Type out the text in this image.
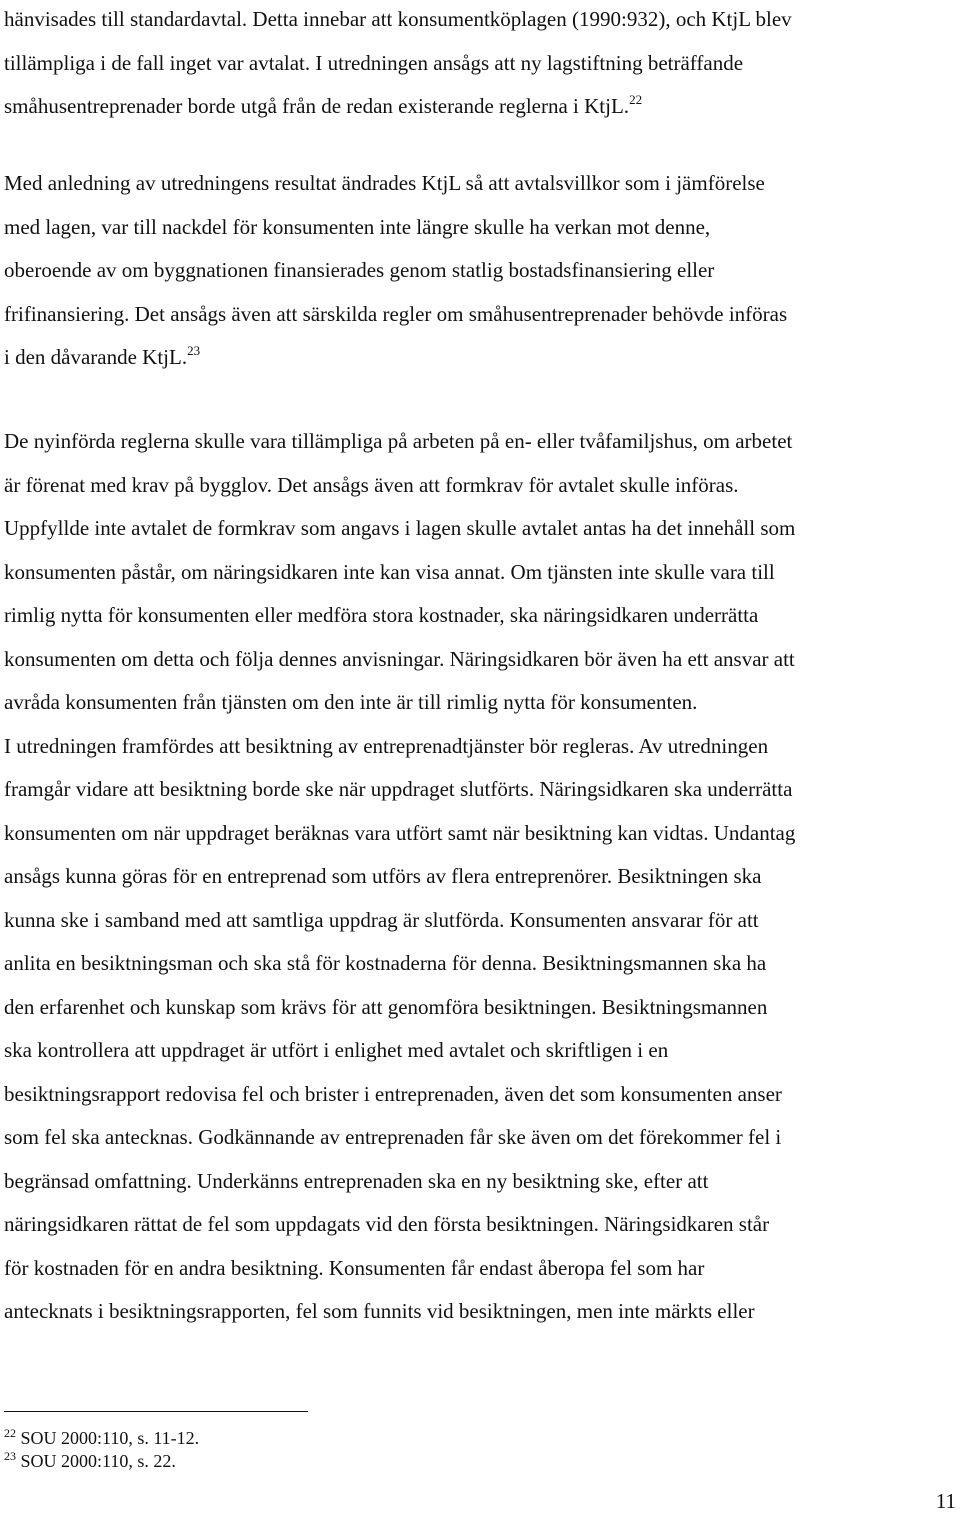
hänvisades till standardavtal. Detta innebar att konsumentköplagen (1990:932), och KtjL blev
tillämpliga i de fall inget var avtalat. I utredningen ansågs att ny lagstiftning beträffande
småhusentreprenader borde utgå från de redan existerande reglerna i KtjL.$^{22}$

Med anledning av utredningens resultat ändrades KtjL så att avtalsvillkor som i jämförelse
med lagen, var till nackdel för konsumenten inte längre skulle ha verkan mot denne,
oberoende av om byggnationen finansierades genom statlig bostadsfinansiering eller
frifinansiering. Det ansågs även att särskilda regler om småhusentreprenader behövde införas
i den dåvarande KtjL.$^{23}$

De nyinförda reglerna skulle vara tillämpliga på arbeten på en- eller tvåfamiljshus, om arbetet
är förenat med krav på bygglov. Det ansågs även att formkrav för avtalet skulle införas.
Uppfyllde inte avtalet de formkrav som angavs i lagen skulle avtalet antas ha det innehåll som
konsumenten påstår, om näringsidkaren inte kan visa annat. Om tjänsten inte skulle vara till
rimlig nytta för konsumenten eller medföra stora kostnader, ska näringsidkaren underrätta
konsumenten om detta och följa dennes anvisningar. Näringsidkaren bör även ha ett ansvar att
avråda konsumenten från tjänsten om den inte är till rimlig nytta för konsumenten.
I utredningen framfördes att besiktning av entreprenadtjänster bör regleras. Av utredningen
framgår vidare att besiktning borde ske när uppdraget slutförts. Näringsidkaren ska underrätta
konsumenten om när uppdraget beräknas vara utfört samt när besiktning kan vidtas. Undantag
ansågs kunna göras för en entreprenad som utförs av flera entreprenörer. Besiktningen ska
kunna ske i samband med att samtliga uppdrag är slutförda. Konsumenten ansvarar för att
anlita en besiktningsman och ska stå för kostnaderna för denna. Besiktningsmannen ska ha
den erfarenhet och kunskap som krävs för att genomföra besiktningen. Besiktningsmannen
ska kontrollera att uppdraget är utfört i enlighet med avtalet och skriftligen i en
besiktningsrapport redovisa fel och brister i entreprenaden, även det som konsumenten anser
som fel ska antecknas. Godkännande av entreprenaden får ske även om det förekommer fel i
begränsad omfattning. Underkänns entreprenaden ska en ny besiktning ske, efter att
näringsidkaren rättat de fel som uppdagats vid den första besiktningen. Näringsidkaren står
för kostnaden för en andra besiktning. Konsumenten får endast åberopa fel som har
antecknats i besiktningsrapporten, fel som funnits vid besiktningen, men inte märkts eller

$^{22}$ SOU 2000:110, s. 11-12.
$^{23}$ SOU 2000:110, s. 22.
11
